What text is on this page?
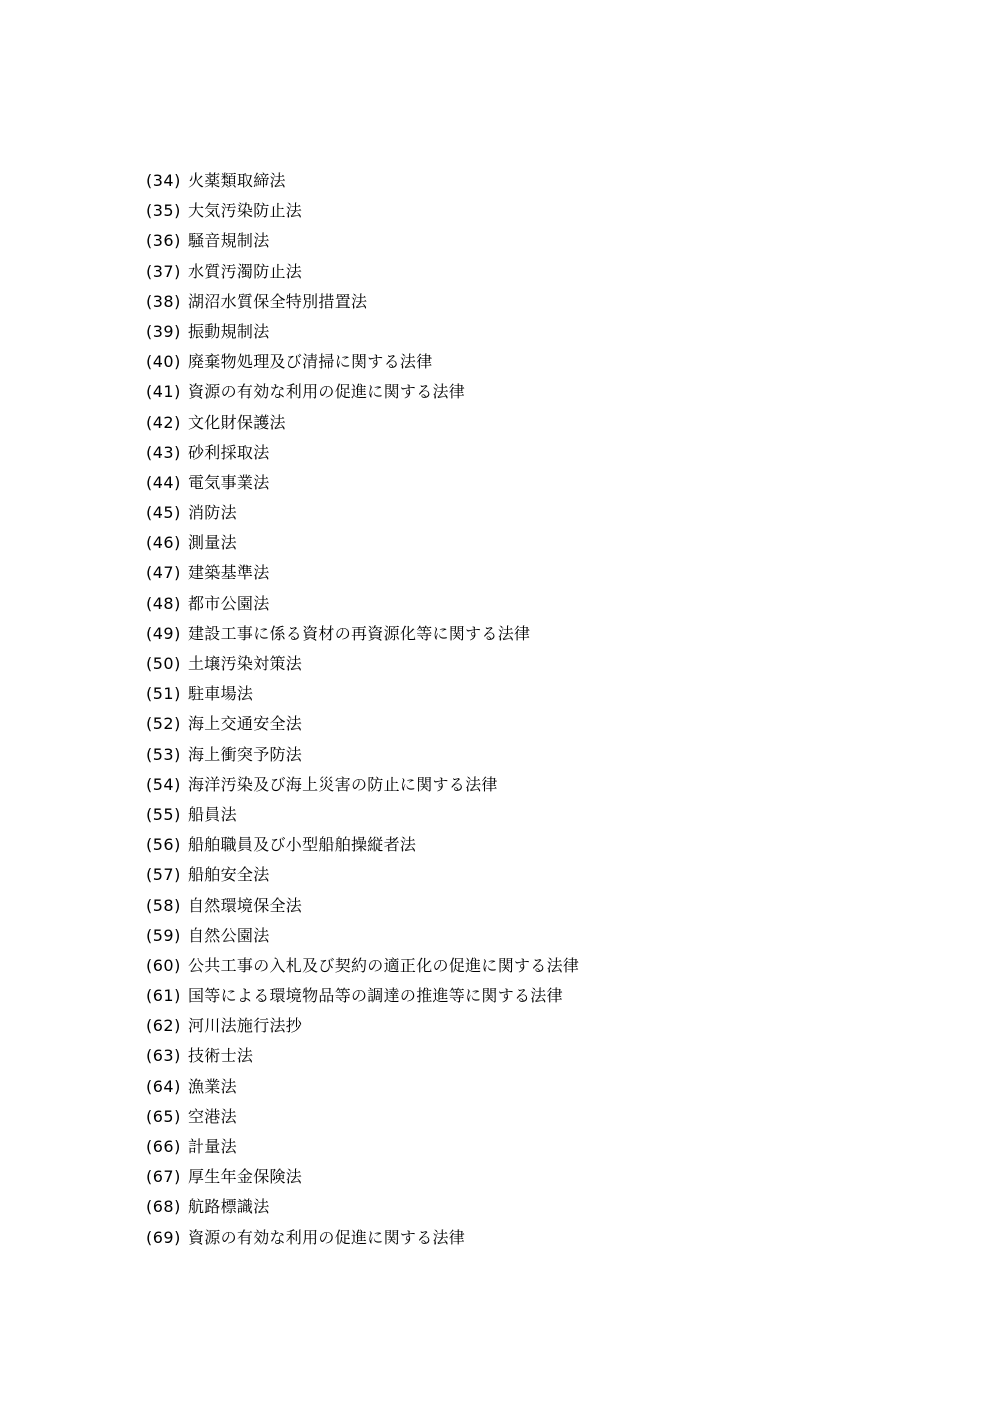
(34) 火薬類取締法
(35) 大気汚染防止法
(36) 騒音規制法
(37) 水質汚濁防止法
(38) 湖沼水質保全特別措置法
(39) 振動規制法
(40) 廃棄物処理及び清掃に関する法律
(41) 資源の有効な利用の促進に関する法律
(42) 文化財保護法
(43) 砂利採取法
(44) 電気事業法
(45) 消防法
(46) 測量法
(47) 建築基準法
(48) 都市公園法
(49) 建設工事に係る資材の再資源化等に関する法律
(50) 土壌汚染対策法
(51) 駐車場法
(52) 海上交通安全法
(53) 海上衝突予防法
(54) 海洋汚染及び海上災害の防止に関する法律
(55) 船員法
(56) 船舶職員及び小型船舶操縦者法
(57) 船舶安全法
(58) 自然環境保全法
(59) 自然公園法
(60) 公共工事の入札及び契約の適正化の促進に関する法律
(61) 国等による環境物品等の調達の推進等に関する法律
(62) 河川法施行法抄
(63) 技術士法
(64) 漁業法
(65) 空港法
(66) 計量法
(67) 厚生年金保険法
(68) 航路標識法
(69) 資源の有効な利用の促進に関する法律
